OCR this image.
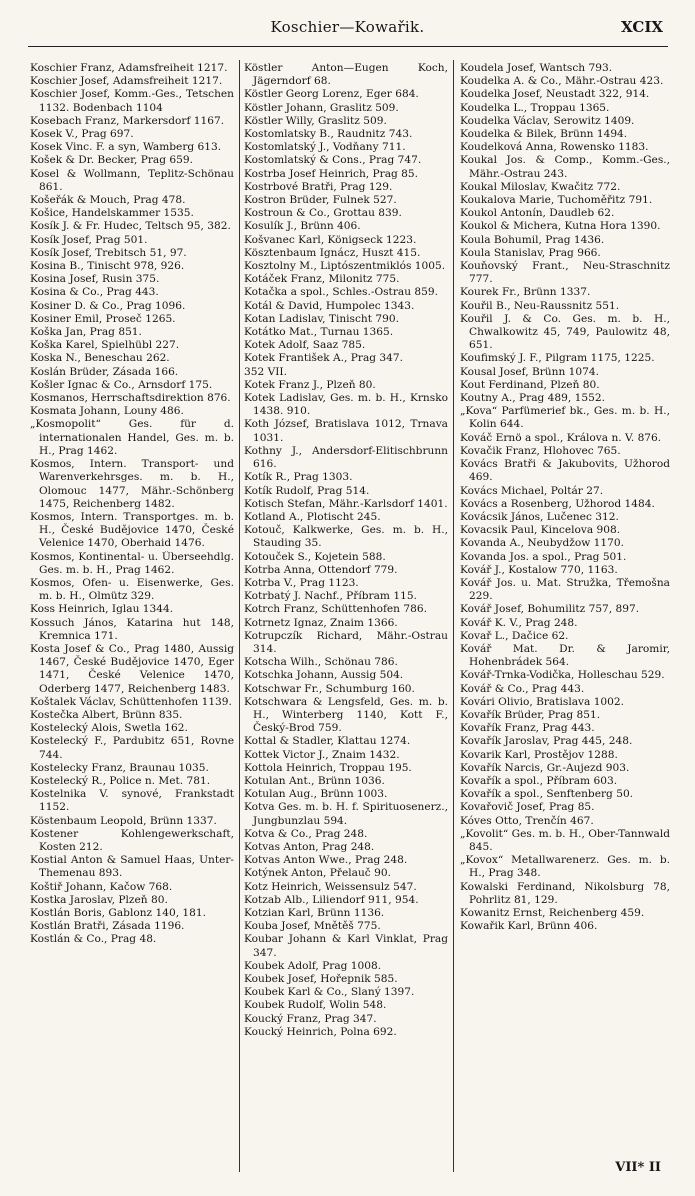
Koschier—Kowařik.	XCIX

Koschier Franz, Adamsfreiheit 1217.

Koschier Josef, Adamsfreiheit 1217.

Koschier Josef, Komm.-Ges., Tetschen 1132. Bodenbach 1104

Kosebach Franz, Markersdorf 1167.

Kosek V., Prag 697.

Kosek Vinc. F. a syn, Wamberg 613.

Košek & Dr. Becker, Prag 659.

Kosel & Wollmann, Teplitz-Schönau 861.

Košeřák & Mouch, Prag 478.

Košice, Handelskammer 1535.

Kosík J. & Fr. Hudec, Teltsch 95, 382.

Kosík Josef, Prag 501.

Kosík Josef, Trebitsch 51, 97.

Kosina B., Tinischt 978, 926.

Kosina Josef, Rusin 375.

Kosina & Co., Prag 443.

Kosiner D. & Co., Prag 1096.

Kosiner Emil, Proseč 1265.

Koška Jan, Prag 851.

Koška Karel, Spielhübl 227.

Koska N., Beneschau 262.

Koslán Brüder, Zásada 166.

Košler Ignac & Co., Arnsdorf 175.

Kosmanos, Herrschaftsdirektion 876.

Kosmata Johann, Louny 486.

„Kosmopolit“ Ges. für d. internationalen Handel, Ges. m. b. H., Prag 1462.

Kosmos, Intern. Transport- und Warenverkehrsges. m. b. H., Olomouc 1477, Mähr.-Schönberg 1475, Reichenberg 1482.

Kosmos, Intern. Transportges. m. b. H., České Budějovice 1470, České Velenice 1470, Oberhaid 1476.

Kosmos, Kontinental- u. Überseehdlg. Ges. m. b. H., Prag 1462.

Kosmos, Ofen- u. Eisenwerke, Ges. m. b. H., Olmütz 329.

Koss Heinrich, Iglau 1344.

Kossuch János, Katarina hut 148, Kremnica 171.

Kosta Josef & Co., Prag 1480, Aussig 1467, České Budějovice 1470, Eger 1471, České Velenice 1470, Oderberg 1477, Reichenberg 1483.

Koštalek Václav, Schüttenhofen 1139.

Kostečka Albert, Brünn 835.

Kostelecký Alois, Swetla 162.

Kostelecký F., Pardubitz 651, Rovne 744.

Kostelecky Franz, Braunau 1035.

Kostelecký R., Police n. Met. 781.

Kostelnika V. synové, Frankstadt 1152.

Köstenbaum Leopold, Brünn 1337.

Kostener Kohlengewerkschaft, Kosten 212.

Kostial Anton & Samuel Haas, Unter-Themenau 893.

Koštiř Johann, Kačow 768.

Kostka Jaroslav, Plzeň 80.

Kostlán Boris, Gablonz 140, 181.

Kostlán Bratři, Zásada 1196.

Kostlán & Co., Prag 48.

Köstler Anton—Eugen Koch, Jägerndorf 68.

Köstler Georg Lorenz, Eger 684.

Köstler Johann, Graslitz 509.

Köstler Willy, Graslitz 509.

Kostomlatsky B., Raudnitz 743.

Kostomlatský J., Vodňany 711.

Kostomlatský & Cons., Prag 747.

Kostrba Josef Heinrich, Prag 85.

Kostrbové Bratři, Prag 129.

Kostron Brüder, Fulnek 527.

Kostroun & Co., Grottau 839.

Kosulík J., Brünn 406.

Košvanec Karl, Königseck 1223.

Kösztenbaum Ignácz, Huszt 415.

Kosztolny M., Liptószentmiklós 1005.

Kotáček Franz, Milonitz 775.

Kotačka a spol., Schles.-Ostrau 859.

Kotál & David, Humpolec 1343.

Kotan Ladislav, Tinischt 790.

Kotátko Mat., Turnau 1365.

Kotek Adolf, Saaz 785.

Kotek František A., Prag 347.

352 VII.

Kotek Franz J., Plzeň 80.

Kotek Ladislav, Ges. m. b. H., Krnsko 1438. 910.

Koth József, Bratislava 1012, Trnava 1031.

Kothny J., Andersdorf-Elitischbrunn 616.

Kotík R., Prag 1303.

Kotík Rudolf, Prag 514.

Kotisch Stefan, Mähr.-Karlsdorf 1401.

Kotland A., Plotischt 245.

Kotouč, Kalkwerke, Ges. m. b. H., Stauding 35.

Kotouček S., Kojetein 588.

Kotrba Anna, Ottendorf 779.

Kotrba V., Prag 1123.

Kotrbatý J. Nachf., Příbram 115.

Kotrch Franz, Schüttenhofen 786.

Kotrnetz Ignaz, Znaim 1366.

Kotrupczík Richard, Mähr.-Ostrau 314.

Kotscha Wilh., Schönau 786.

Kotschka Johann, Aussig 504.

Kotschwar Fr., Schumburg 160.

Kotschwara & Lengsfeld, Ges. m. b. H., Winterberg 1140, Kott F., Český-Brod 759.

Kottal & Stadler, Klattau 1274.

Kottek Victor J., Znaim 1432.

Kottola Heinrich, Troppau 195.

Kotulan Ant., Brünn 1036.

Kotulan Aug., Brünn 1003.

Kotva Ges. m. b. H. f. Spirituosenerz., Jungbunzlau 594.

Kotva & Co., Prag 248.

Kotvas Anton, Prag 248.

Kotvas Anton Wwe., Prag 248.

Kotýnek Anton, Přelauč 90.

Kotz Heinrich, Weissensulz 547.

Kotzab Alb., Liliendorf 911, 954.

Kotzian Karl, Brünn 1136.

Kouba Josef, Mnětěš 775.

Koubar Johann & Karl Vinklat, Prag 347.

Koubek Adolf, Prag 1008.

Koubek Josef, Hořepnik 585.

Koubek Karl & Co., Slaný 1397.

Koubek Rudolf, Wolin 548.

Koucký Franz, Prag 347.

Koucký Heinrich, Polna 692.

Koudela Josef, Wantsch 793.

Koudelka A. & Co., Mähr.-Ostrau 423.

Koudelka Josef, Neustadt 322, 914.

Koudelka L., Troppau 1365.

Koudelka Václav, Serowitz 1409.

Koudelka & Bilek, Brünn 1494.

Koudelková Anna, Rowensko 1183.

Koukal Jos. & Comp., Komm.-Ges., Mähr.-Ostrau 243.

Koukal Miloslav, Kwačitz 772.

Koukalova Marie, Tuchoměřitz 791.

Koukol Antonín, Daudleb 62.

Koukol & Michera, Kutna Hora 1390.

Koula Bohumil, Prag 1436.

Koula Stanislav, Prag 966.

Kouňovský Frant., Neu-Straschnitz 777.

Kourek Fr., Brünn 1337.

Kouřil B., Neu-Raussnitz 551.

Kouřil J. & Co. Ges. m. b. H., Chwalkowitz 45, 749, Paulowitz 48, 651.

Koufimský J. F., Pilgram 1175, 1225.

Kousal Josef, Brünn 1074.

Kout Ferdinand, Plzeň 80.

Koutny A., Prag 489, 1552.

„Kova“ Parfümerief bk., Ges. m. b. H., Kolin 644.

Kováč Ernö a spol., Králova n. V. 876.

Kovačik Franz, Hlohovec 765.

Kovács Bratři & Jakubovits, Užhorod 469.

Kovács Michael, Poltár 27.

Kovács a Rosenberg, Užhorod 1484.

Kovácsik János, Lučenec 312.

Kovacsik Paul, Kincelova 908.

Kovanda A., Neubydžow 1170.

Kovanda Jos. a spol., Prag 501.

Kovář J., Kostalow 770, 1163.

Kovář Jos. u. Mat. Stružka, Třemošna 229.

Kovář Josef, Bohumilitz 757, 897.

Kovář K. V., Prag 248.

Kovař L., Dačice 62.

Kovář Mat. Dr. & Jaromir, Hohenbrádek 564.

Kovář-Trnka-Vodička, Holleschau 529.

Kovář & Co., Prag 443.

Kovári Olivio, Bratislava 1002.

Kovařík Brüder, Prag 851.

Kovařík Franz, Prag 443.

Kovařík Jaroslav, Prag 445, 248.

Kovarik Karl, Prostějov 1288.

Kovařík Narcis, Gr.-Aujezd 903.

Kovařík a spol., Příbram 603.

Kovařík a spol., Senftenberg 50.

Kovařovič Josef, Prag 85.

Kóves Otto, Trenčín 467.

„Kovolit“ Ges. m. b. H., Ober-Tannwald 845.

„Kovox“ Metallwarenerz. Ges. m. b. H., Prag 348.

Kowalski Ferdinand, Nikolsburg 78, Pohrlitz 81, 129.

Kowanitz Ernst, Reichenberg 459.

Kowařik Karl, Brünn 406.

VII* II
